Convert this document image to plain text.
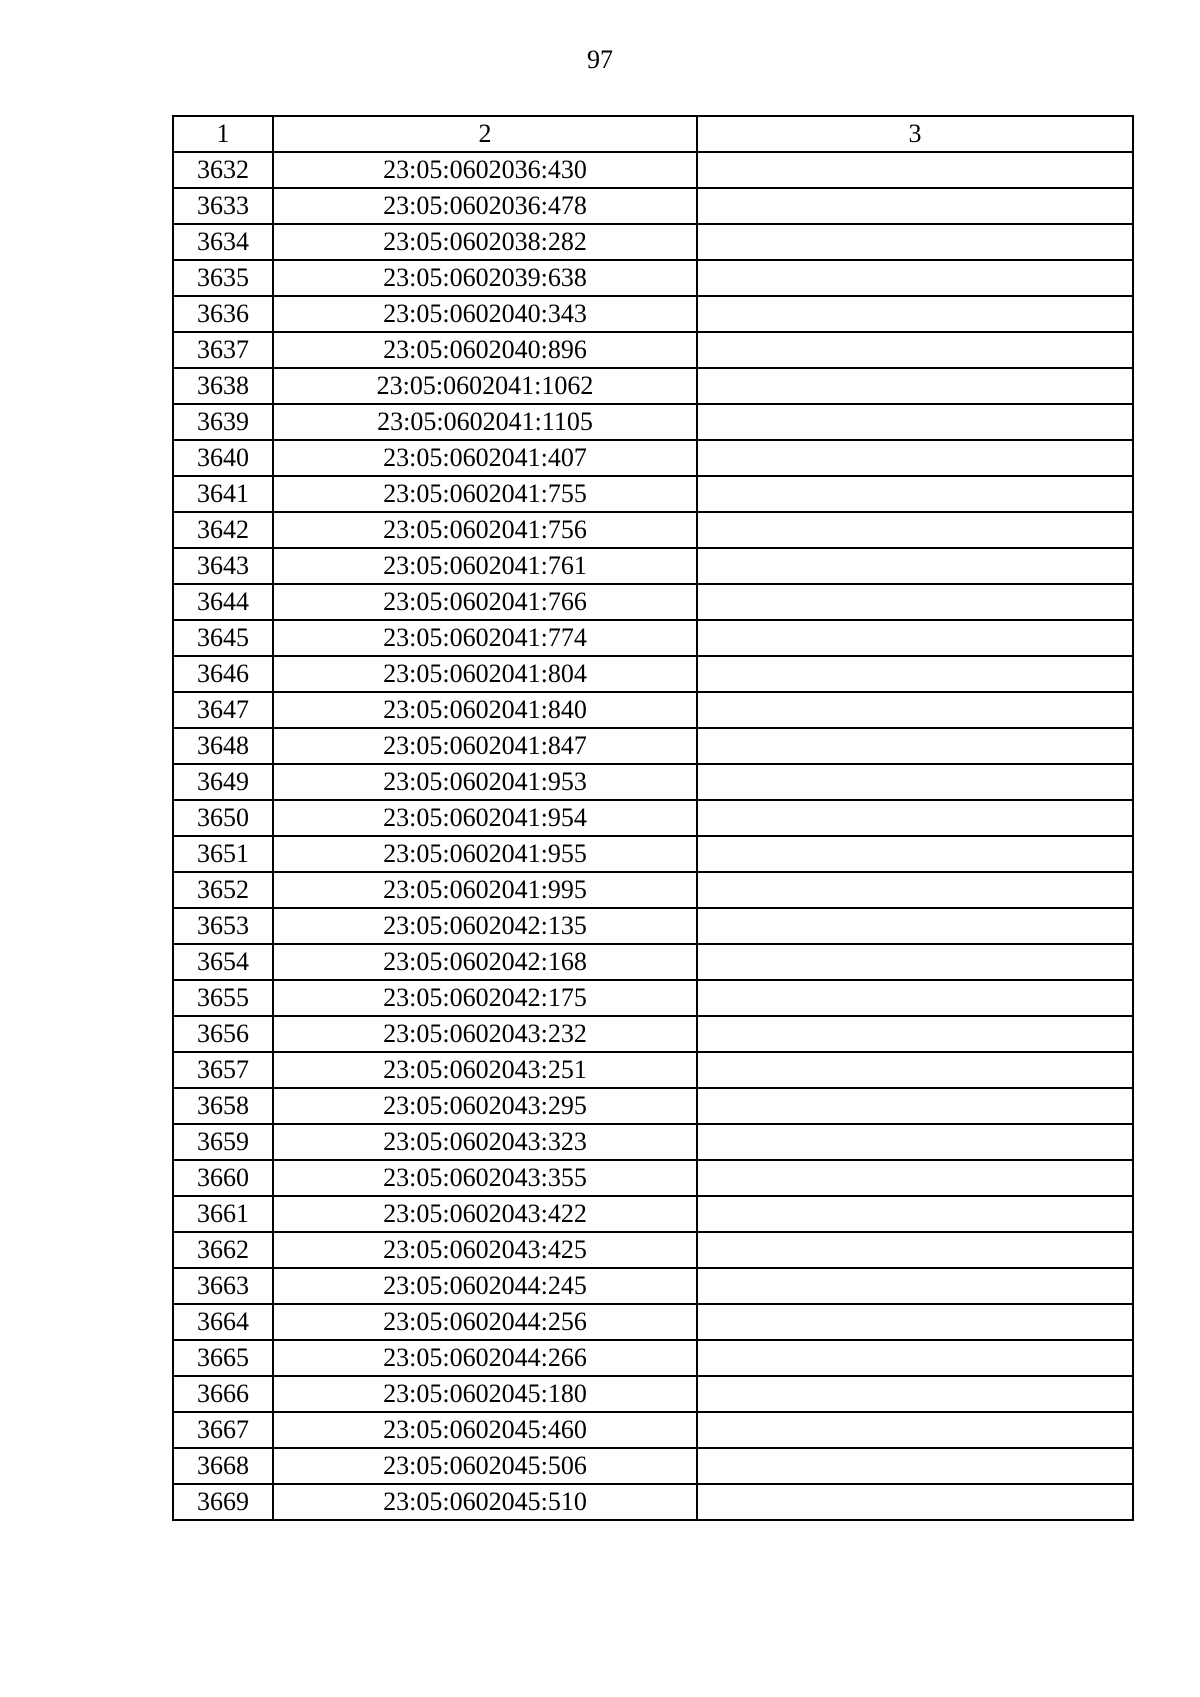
97
1	2	3
3632	23:05:0602036:430	
3633	23:05:0602036:478	
3634	23:05:0602038:282	
3635	23:05:0602039:638	
3636	23:05:0602040:343	
3637	23:05:0602040:896	
3638	23:05:0602041:1062	
3639	23:05:0602041:1105	
3640	23:05:0602041:407	
3641	23:05:0602041:755	
3642	23:05:0602041:756	
3643	23:05:0602041:761	
3644	23:05:0602041:766	
3645	23:05:0602041:774	
3646	23:05:0602041:804	
3647	23:05:0602041:840	
3648	23:05:0602041:847	
3649	23:05:0602041:953	
3650	23:05:0602041:954	
3651	23:05:0602041:955	
3652	23:05:0602041:995	
3653	23:05:0602042:135	
3654	23:05:0602042:168	
3655	23:05:0602042:175	
3656	23:05:0602043:232	
3657	23:05:0602043:251	
3658	23:05:0602043:295	
3659	23:05:0602043:323	
3660	23:05:0602043:355	
3661	23:05:0602043:422	
3662	23:05:0602043:425	
3663	23:05:0602044:245	
3664	23:05:0602044:256	
3665	23:05:0602044:266	
3666	23:05:0602045:180	
3667	23:05:0602045:460	
3668	23:05:0602045:506	
3669	23:05:0602045:510	
